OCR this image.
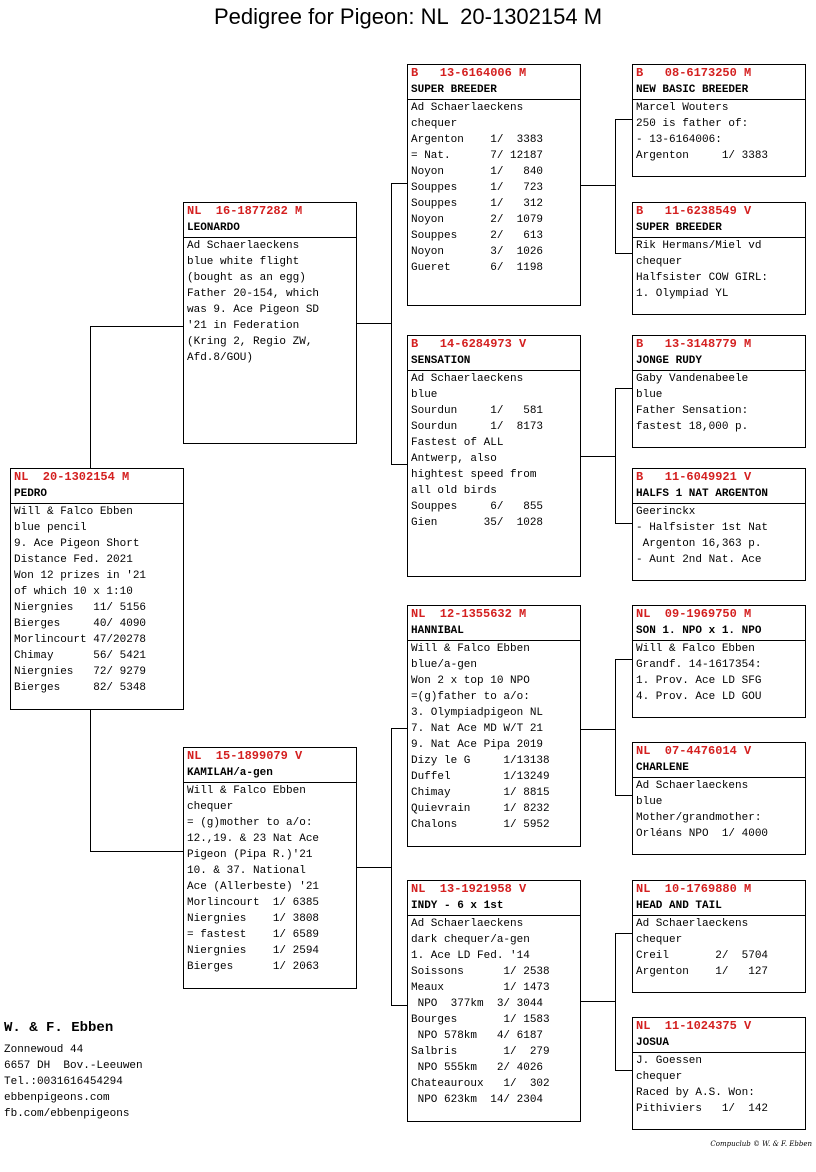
Pedigree for Pigeon: NL  20-1302154 M
NL  20-1302154 M
PEDRO
Will & Falco Ebben
blue pencil
9. Ace Pigeon Short
Distance Fed. 2021
Won 12 prizes in '21
of which 10 x 1:10
Niergnies   11/ 5156
Bierges     40/ 4090
Morlincourt 47/20278
Chimay      56/ 5421
Niergnies   72/ 9279
Bierges     82/ 5348
NL  16-1877282 M
LEONARDO
Ad Schaerlaeckens
blue white flight
(bought as an egg)
Father 20-154, which
was 9. Ace Pigeon SD
'21 in Federation
(Kring 2, Regio ZW,
Afd.8/GOU)
NL  15-1899079 V
KAMILAH/a-gen
Will & Falco Ebben
chequer
= (g)mother to a/o:
12.,19. & 23 Nat Ace
Pigeon (Pipa R.)'21
10. & 37. National
Ace (Allerbeste) '21
Morlincourt  1/ 6385
Niergnies    1/ 3808
= fastest    1/ 6589
Niergnies    1/ 2594
Bierges      1/ 2063
B   13-6164006 M
SUPER BREEDER
Ad Schaerlaeckens
chequer
Argenton    1/  3383
= Nat.      7/ 12187
Noyon       1/   840
Souppes     1/   723
Souppes     1/   312
Noyon       2/  1079
Souppes     2/   613
Noyon       3/  1026
Gueret      6/  1198
B   14-6284973 V
SENSATION
Ad Schaerlaeckens
blue
Sourdun     1/   581
Sourdun     1/  8173
Fastest of ALL
Antwerp, also
hightest speed from
all old birds
Souppes     6/   855
Gien       35/  1028
NL  12-1355632 M
HANNIBAL
Will & Falco Ebben
blue/a-gen
Won 2 x top 10 NPO
=(g)father to a/o:
3. Olympiadpigeon NL
7. Nat Ace MD W/T 21
9. Nat Ace Pipa 2019
Dizy le G     1/13138
Duffel        1/13249
Chimay        1/ 8815
Quievrain     1/ 8232
Chalons       1/ 5952
NL  13-1921958 V
INDY - 6 x 1st
Ad Schaerlaeckens
dark chequer/a-gen
1. Ace LD Fed. '14
Soissons      1/ 2538
Meaux         1/ 1473
NPO  377km  3/ 3044
Bourges       1/ 1583
NPO 578km   4/ 6187
Salbris       1/  279
NPO 555km   2/ 4026
Chateauroux   1/  302
NPO 623km  14/ 2304
B   08-6173250 M
NEW BASIC BREEDER
Marcel Wouters
250 is father of:
- 13-6164006:
Argenton     1/ 3383
B   11-6238549 V
SUPER BREEDER
Rik Hermans/Miel vd
chequer
Halfsister COW GIRL:
1. Olympiad YL
B   13-3148779 M
JONGE RUDY
Gaby Vandenabeele
blue
Father Sensation:
fastest 18,000 p.
B   11-6049921 V
HALFS 1 NAT ARGENTON
Geerinckx
- Halfsister 1st Nat
Argenton 16,363 p.
- Aunt 2nd Nat. Ace
NL  09-1969750 M
SON 1. NPO x 1. NPO
Will & Falco Ebben
Grandf. 14-1617354:
1. Prov. Ace LD SFG
4. Prov. Ace LD GOU
NL  07-4476014 V
CHARLENE
Ad Schaerlaeckens
blue
Mother/grandmother:
Orléans NPO  1/ 4000
NL  10-1769880 M
HEAD AND TAIL
Ad Schaerlaeckens
chequer
Creil       2/  5704
Argenton    1/   127
NL  11-1024375 V
JOSUA
J. Goessen
chequer
Raced by A.S. Won:
Pithiviers   1/  142
W. & F. Ebben
Zonnewoud 44
6657 DH  Bov.-Leeuwen
Tel.:0031616454294
ebbenpigeons.com
fb.com/ebbenpigeons
Compuclub © W. & F. Ebben
